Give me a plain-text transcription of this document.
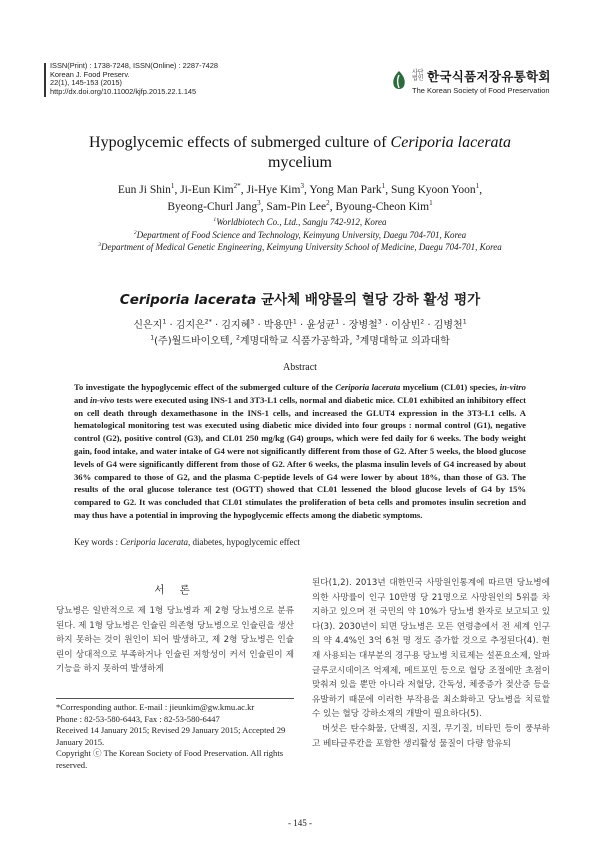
ISSN(Print) : 1738-7248, ISSN(Online) : 2287-7428
Korean J. Food Preserv.
22(1), 145-153 (2015)
http://dx.doi.org/10.11002/kjfp.2015.22.1.145
사단법인 한국식품저장유통학회
The Korean Society of Food Preservation
Hypoglycemic effects of submerged culture of Ceriporia lacerata
mycelium
Eun Ji Shin$^1$, Ji-Eun Kim$^{2*}$, Ji-Hye Kim$^3$, Yong Man Park$^1$, Sung Kyoon Yoon$^1$,
Byeong-Churl Jang$^3$, Sam-Pin Lee$^2$, Byoung-Cheon Kim$^1$
$^1$Worldbiotech Co., Ltd., Sangju 742-912, Korea
$^2$Department of Food Science and Technology, Keimyung University, Daegu 704-701, Korea
$^3$Department of Medical Genetic Engineering, Keimyung University School of Medicine, Daegu 704-701, Korea
Ceriporia lacerata 균사체 배양물의 혈당 강하 활성 평가
신은지$^1$ · 김지은$^{2*}$ · 김지혜$^3$ · 박용만$^1$ · 윤성균$^1$ · 장병철$^3$ · 이삼빈$^2$ · 김병천$^1$
$^1$(주)월드바이오텍, $^2$계명대학교 식품가공학과, $^3$계명대학교 의과대학
Abstract
To investigate the hypoglycemic effect of the submerged culture of the Ceriporia lacerata mycelium (CL01) species, in-vitro and in-vivo tests were executed using INS-1 and 3T3-L1 cells, normal and diabetic mice. CL01 exhibited an inhibitory effect on cell death through dexamethasone in the INS-1 cells, and increased the GLUT4 expression in the 3T3-L1 cells. A hematological monitoring test was executed using diabetic mice divided into four groups : normal control (G1), negative control (G2), positive control (G3), and CL01 250 mg/kg (G4) groups, which were fed daily for 6 weeks. The body weight gain, food intake, and water intake of G4 were not significantly different from those of G2. After 5 weeks, the blood glucose levels of G4 were significantly different from those of G2. After 6 weeks, the plasma insulin levels of G4 increased by about 36% compared to those of G2, and the plasma C-peptide levels of G4 were lower by about 18%, than those of G3. The results of the oral glucose tolerance test (OGTT) showed that CL01 lessened the blood glucose levels of G4 by 15% compared to G2. It was concluded that CL01 stimulates the proliferation of beta cells and promotes insulin secretion and may thus have a potential in improving the hypoglycemic effects among the diabetic symptoms.
Key words : Ceriporia lacerata, diabetes, hypoglycemic effect
서 론
당뇨병은 일반적으로 제 1형 당뇨병과 제 2형 당뇨병으로 분류된다. 제 1형 당뇨병은 인슐린 의존형 당뇨병으로 인슐린을 생산하지 못하는 것이 원인이 되어 발생하고, 제 2형 당뇨병은 인슐린이 상대적으로 부족하거나 인슐린 저항성이 커서 인슐린이 제 기능을 하지 못하여 발생하게
*Corresponding author. E-mail : jieunkim@gw.kmu.ac.kr
Phone : 82-53-580-6443, Fax : 82-53-580-6447
Received 14 January 2015; Revised 29 January 2015; Accepted 29 January 2015.
Copyright ⓒ The Korean Society of Food Preservation. All rights reserved.
된다(1,2). 2013년 대한민국 사망원인통계에 따르면 당뇨병에 의한 사망률이 인구 10만명 당 21명으로 사망원인의 5위를 차지하고 있으며 전 국민의 약 10%가 당뇨병 환자로 보고되고 있다(3). 2030년이 되면 당뇨병은 모든 연령층에서 전 세계 인구의 약 4.4%인 3억 6천 명 정도 증가할 것으로 추정된다(4). 현재 사용되는 대부분의 경구용 당뇨병 치료제는 설폰요소제, 알파글루코시데이즈 억제제, 메트포민 등으로 혈당 조절에만 초점이 맞춰져 있을 뿐만 아니라 저혈당, 간독성, 체중증가 젖산증 등을 유발하기 때문에 이러한 부작용을 최소화하고 당뇨병을 치료할 수 있는 혈당 강하소재의 개발이 필요하다(5).
버섯은 탄수화물, 단백질, 지질, 무기질, 비타민 등이 풍부하고 베타글루칸을 포함한 생리활성 물질이 다량 함유되
- 145 -
